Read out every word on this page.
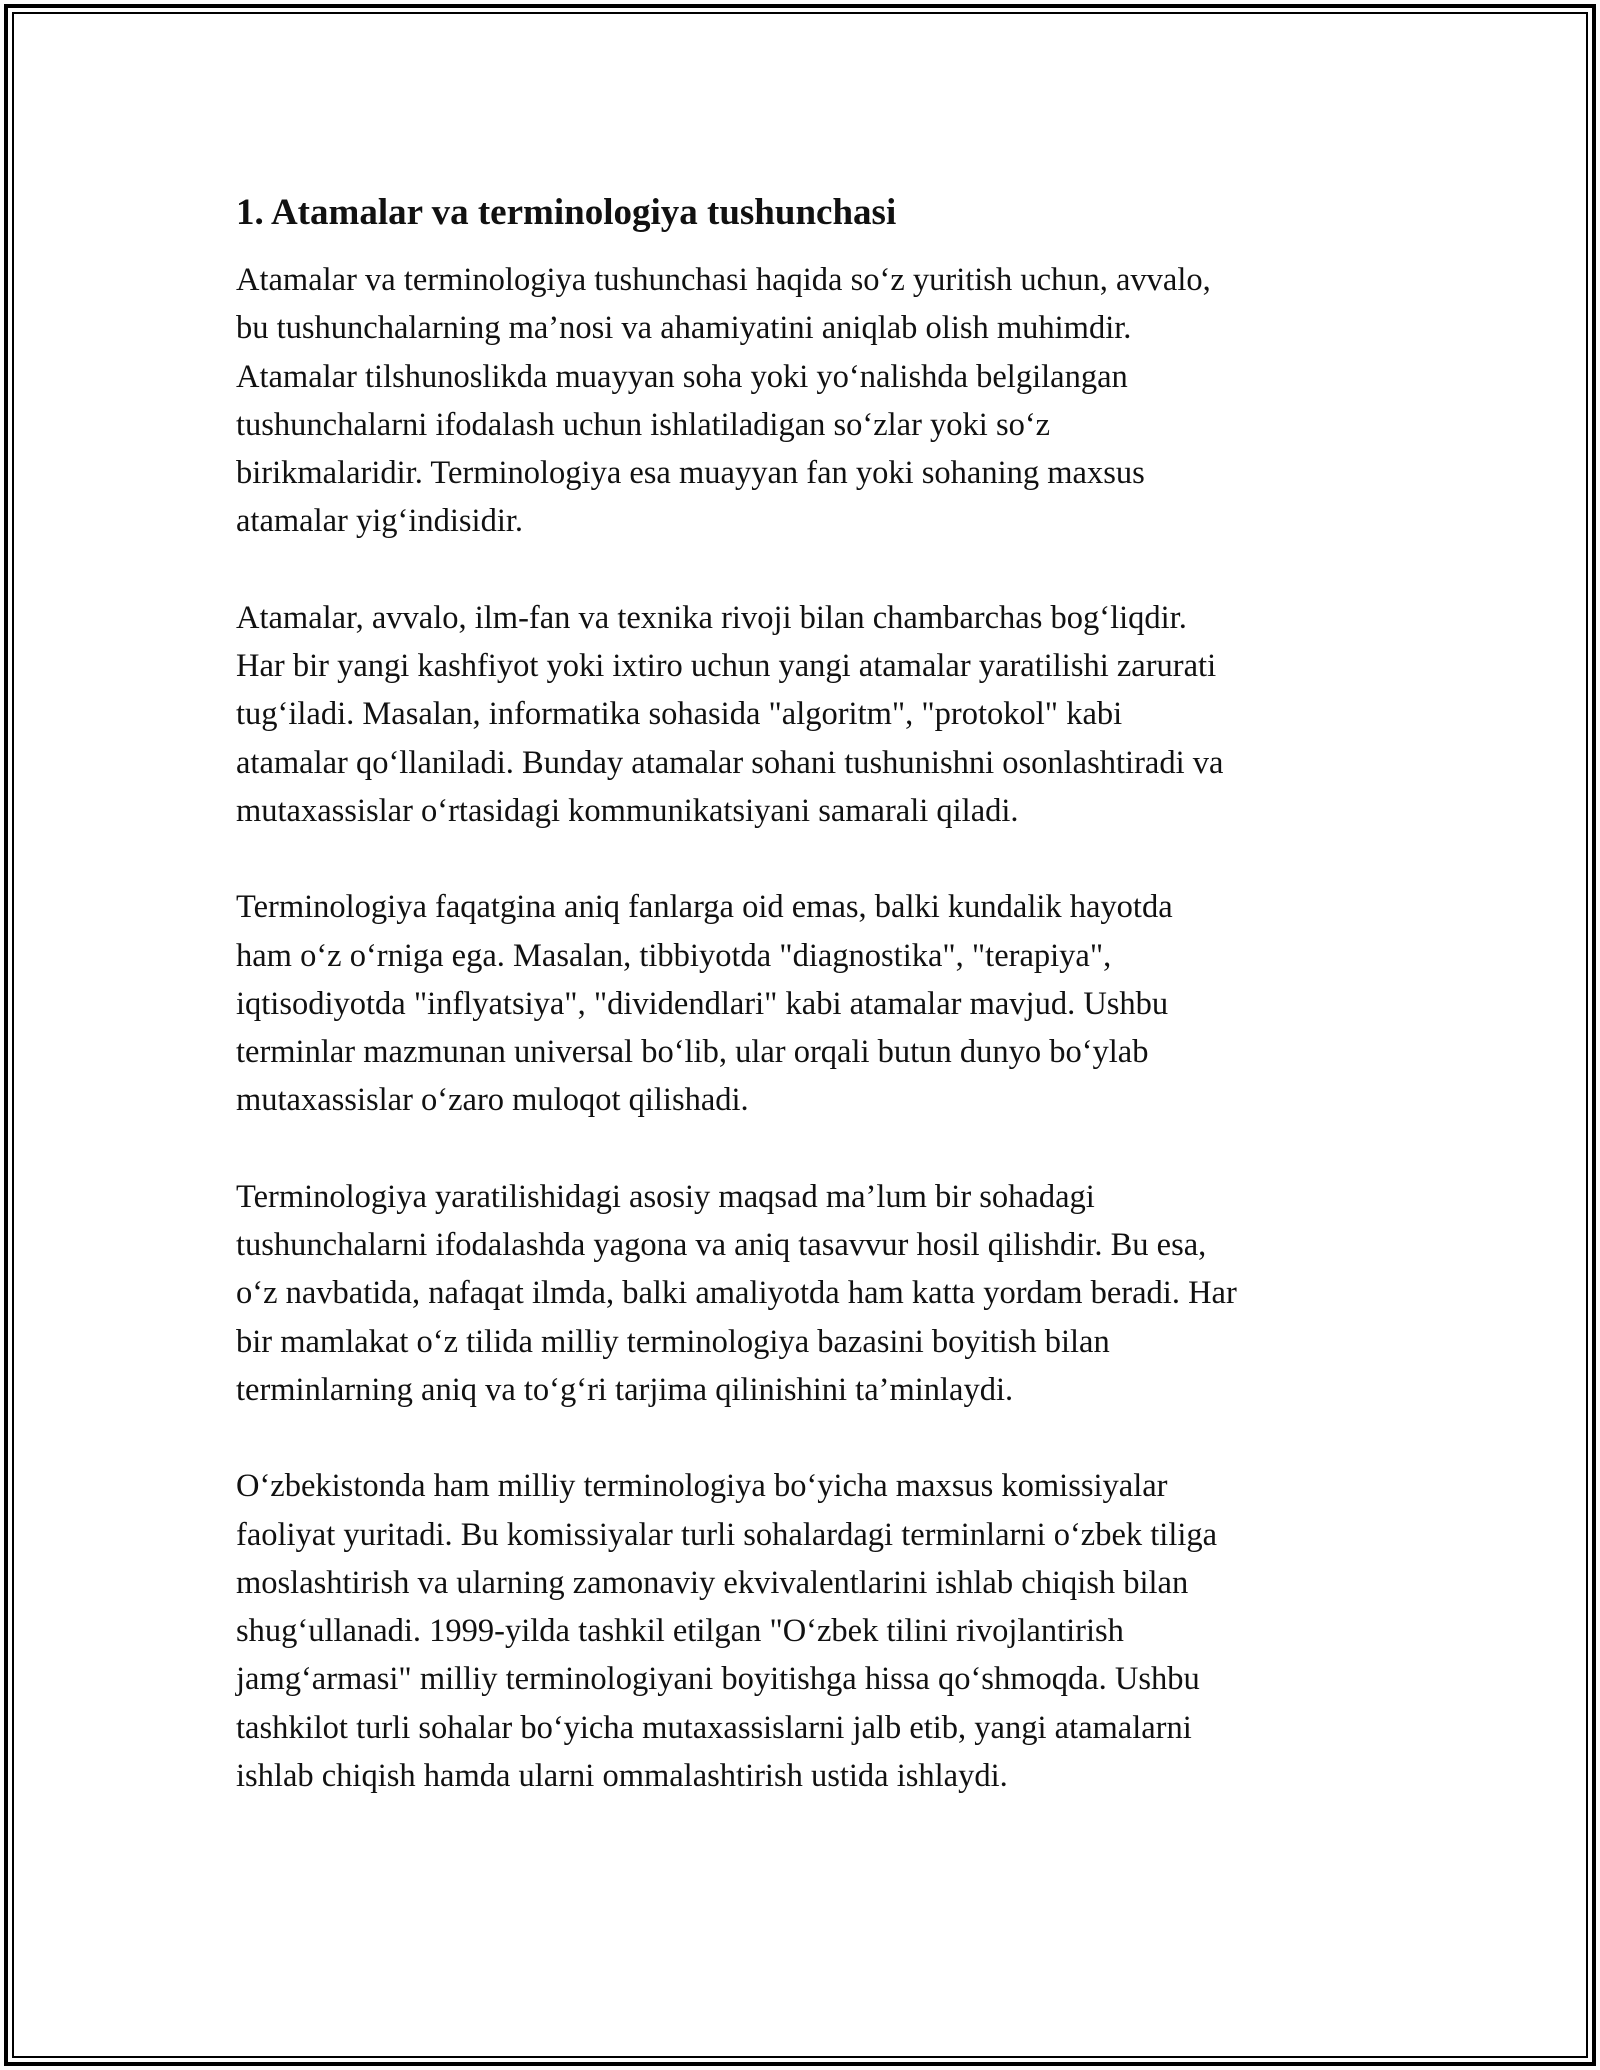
1. Atamalar va terminologiya tushunchasi

Atamalar va terminologiya tushunchasi haqida so‘z yuritish uchun, avvalo,
bu tushunchalarning ma’nosi va ahamiyatini aniqlab olish muhimdir.
Atamalar tilshunoslikda muayyan soha yoki yo‘nalishda belgilangan
tushunchalarni ifodalash uchun ishlatiladigan so‘zlar yoki so‘z
birikmalaridir. Terminologiya esa muayyan fan yoki sohaning maxsus
atamalar yig‘indisidir.

Atamalar, avvalo, ilm-fan va texnika rivoji bilan chambarchas bog‘liqdir.
Har bir yangi kashfiyot yoki ixtiro uchun yangi atamalar yaratilishi zarurati
tug‘iladi. Masalan, informatika sohasida "algoritm", "protokol" kabi
atamalar qo‘llaniladi. Bunday atamalar sohani tushunishni osonlashtiradi va
mutaxassislar o‘rtasidagi kommunikatsiyani samarali qiladi.

Terminologiya faqatgina aniq fanlarga oid emas, balki kundalik hayotda
ham o‘z o‘rniga ega. Masalan, tibbiyotda "diagnostika", "terapiya",
iqtisodiyotda "inflyatsiya", "dividendlari" kabi atamalar mavjud. Ushbu
terminlar mazmunan universal bo‘lib, ular orqali butun dunyo bo‘ylab
mutaxassislar o‘zaro muloqot qilishadi.

Terminologiya yaratilishidagi asosiy maqsad ma’lum bir sohadagi
tushunchalarni ifodalashda yagona va aniq tasavvur hosil qilishdir. Bu esa,
o‘z navbatida, nafaqat ilmda, balki amaliyotda ham katta yordam beradi. Har
bir mamlakat o‘z tilida milliy terminologiya bazasini boyitish bilan
terminlarning aniq va to‘g‘ri tarjima qilinishini ta’minlaydi.

O‘zbekistonda ham milliy terminologiya bo‘yicha maxsus komissiyalar
faoliyat yuritadi. Bu komissiyalar turli sohalardagi terminlarni o‘zbek tiliga
moslashtirish va ularning zamonaviy ekvivalentlarini ishlab chiqish bilan
shug‘ullanadi. 1999-yilda tashkil etilgan "O‘zbek tilini rivojlantirish
jamg‘armasi" milliy terminologiyani boyitishga hissa qo‘shmoqda. Ushbu
tashkilot turli sohalar bo‘yicha mutaxassislarni jalb etib, yangi atamalarni
ishlab chiqish hamda ularni ommalashtirish ustida ishlaydi.
